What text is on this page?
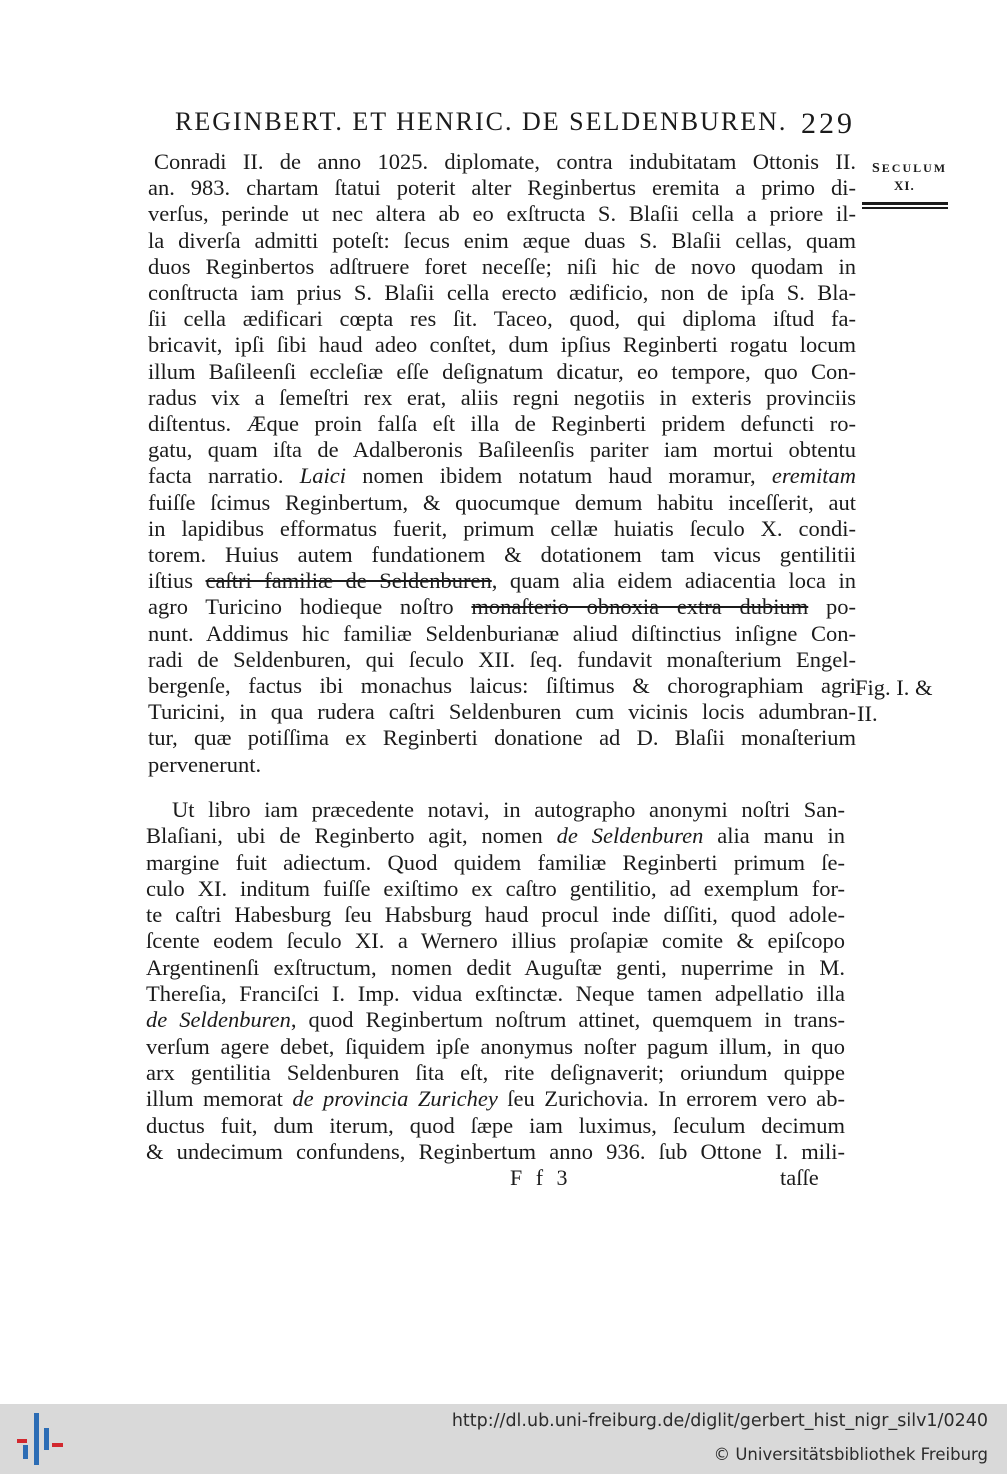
REGINBERT. ET HENRIC. DE SELDENBUREN. 229
Conradi II. de anno 1025. diplomate, contra indubitatam Ottonis II.
an. 983. chartam ſtatui poterit alter Reginbertus eremita a primo di-
verſus, perinde ut nec altera ab eo exſtructa S. Blaſii cella a priore il-
la diverſa admitti poteſt: ſecus enim æque duas S. Blaſii cellas, quam
duos Reginbertos adſtruere foret neceſſe; niſi hic de novo quodam in
conſtructa iam prius S. Blaſii cella erecto ædificio, non de ipſa S. Bla-
ſii cella ædificari cœpta res ſit. Taceo, quod, qui diploma iſtud fa-
bricavit, ipſi ſibi haud adeo conſtet, dum ipſius Reginberti rogatu locum
illum Baſileenſi eccleſiæ eſſe deſignatum dicatur, eo tempore, quo Con-
radus vix a ſemeſtri rex erat, aliis regni negotiis in exteris provinciis
diſtentus. Æque proin falſa eſt illa de Reginberti pridem defuncti ro-
gatu, quam iſta de Adalberonis Baſileenſis pariter iam mortui obtentu
facta narratio. Laici nomen ibidem notatum haud moramur, eremitam
fuiſſe ſcimus Reginbertum, & quocumque demum habitu inceſſerit, aut
in lapidibus efformatus fuerit, primum cellæ huiatis ſeculo X. condi-
torem. Huius autem fundationem & dotationem tam vicus gentilitii
iſtius caſtri familiæ de Seldenburen, quam alia eidem adiacentia loca in
agro Turicino hodieque noſtro monaſterio obnoxia extra dubium po-
nunt. Addimus hic familiæ Seldenburianæ aliud diſtinctius inſigne Con-
radi de Seldenburen, qui ſeculo XII. ſeq. fundavit monaſterium Engel-
bergenſe, factus ibi monachus laicus: ſiſtimus & chorographiam agri
Turicini, in qua rudera caſtri Seldenburen cum vicinis locis adumbran-
tur, quæ potiſſima ex Reginberti donatione ad D. Blaſii monaſterium
pervenerunt.
Ut libro iam præcedente notavi, in autographo anonymi noſtri San-
Blaſiani, ubi de Reginberto agit, nomen de Seldenburen alia manu in
margine fuit adiectum. Quod quidem familiæ Reginberti primum ſe-
culo XI. inditum fuiſſe exiſtimo ex caſtro gentilitio, ad exemplum for-
te caſtri Habesburg ſeu Habsburg haud procul inde diſſiti, quod adole-
ſcente eodem ſeculo XI. a Wernero illius proſapiæ comite & epiſcopo
Argentinenſi exſtructum, nomen dedit Auguſtæ genti, nuperrime in M.
Thereſia, Franciſci I. Imp. vidua exſtinctæ. Neque tamen adpellatio illa
de Seldenburen, quod Reginbertum noſtrum attinet, quemquem in trans-
verſum agere debet, ſiquidem ipſe anonymus noſter pagum illum, in quo
arx gentilitia Seldenburen ſita eſt, rite deſignaverit; oriundum quippe
illum memorat de provincia Zurichey ſeu Zurichovia. In errorem vero ab-
ductus fuit, dum iterum, quod ſæpe iam luximus, ſeculum decimum
& undecimum confundens, Reginbertum anno 936. ſub Ottone I. mili-
SECULUM
XI.
Fig. I. &
II.
F f 3	taſſe
http://dl.ub.uni-freiburg.de/diglit/gerbert_hist_nigr_silv1/0240
© Universitätsbibliothek Freiburg
